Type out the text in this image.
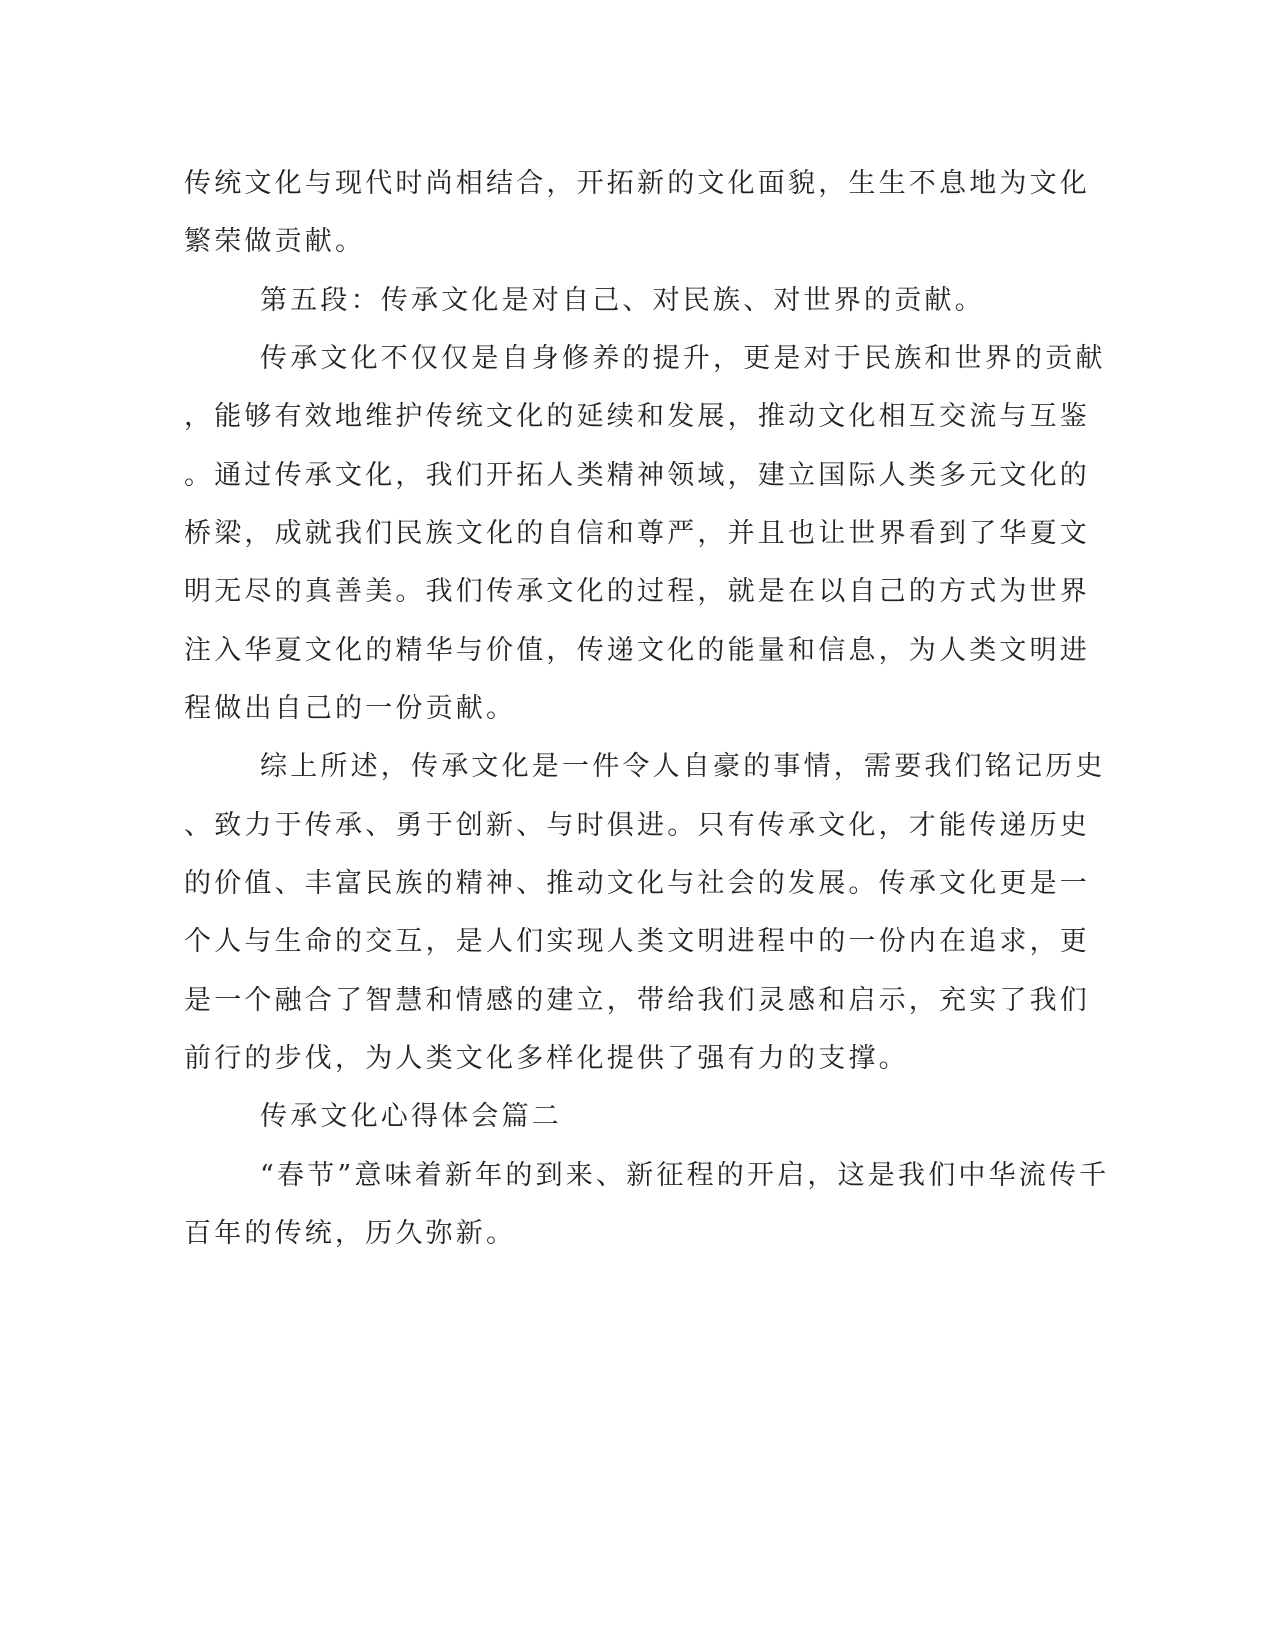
传统文化与现代时尚相结合，开拓新的文化面貌，生生不息地为文化
繁荣做贡献。
第五段：传承文化是对自己、对民族、对世界的贡献。
传承文化不仅仅是自身修养的提升，更是对于民族和世界的贡献
，能够有效地维护传统文化的延续和发展，推动文化相互交流与互鉴
。通过传承文化，我们开拓人类精神领域，建立国际人类多元文化的
桥梁，成就我们民族文化的自信和尊严，并且也让世界看到了华夏文
明无尽的真善美。我们传承文化的过程，就是在以自己的方式为世界
注入华夏文化的精华与价值，传递文化的能量和信息，为人类文明进
程做出自己的一份贡献。
综上所述，传承文化是一件令人自豪的事情，需要我们铭记历史
、致力于传承、勇于创新、与时俱进。只有传承文化，才能传递历史
的价值、丰富民族的精神、推动文化与社会的发展。传承文化更是一
个人与生命的交互，是人们实现人类文明进程中的一份内在追求，更
是一个融合了智慧和情感的建立，带给我们灵感和启示，充实了我们
前行的步伐，为人类文化多样化提供了强有力的支撑。
传承文化心得体会篇二
“春节”意味着新年的到来、新征程的开启，这是我们中华流传千
百年的传统，历久弥新。
